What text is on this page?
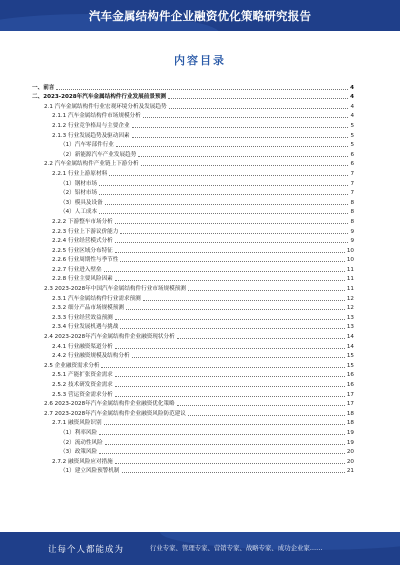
汽车金属结构件企业融资优化策略研究报告
内容目录
一、前言	4
二、2023-2028年汽车金属结构件行业发展前景预测	4
2.1 汽车金属结构件行业宏观环境分析及发展趋势	4
2.1.1 汽车金属结构件市场规模分析	4
2.1.2 行业竞争格局与主要企业	5
2.1.3 行业发展趋势及驱动因素	5
（1）汽车零部件行业	5
（2）新能源汽车产业发展趋势	6
2.2 汽车金属结构件产业链上下游分析	6
2.2.1 行业上游原材料	7
（1）钢材市场	7
（2）铝材市场	7
（3）模具及设备	8
（4）人工成本	8
2.2.2 下游整车市场分析	8
2.2.3 行业上下游议价能力	9
2.2.4 行业经营模式分析	9
2.2.5 行业区域分布特征	10
2.2.6 行业周期性与季节性	10
2.2.7 行业进入壁垒	11
2.2.8 行业主要风险因素	11
2.3 2023-2028年中国汽车金属结构件行业市场规模预测	11
2.3.1 汽车金属结构件行业需求预测	12
2.3.2 细分产品市场规模预测	12
2.3.3 行业经营效益预测	13
2.3.4 行业发展机遇与挑战	13
2.4 2023-2028年汽车金属结构件企业融资现状分析	14
2.4.1 行业融资渠道分析	14
2.4.2 行业融资规模及结构分析	15
2.5 企业融资需求分析	15
2.5.1 产能扩张资金需求	16
2.5.2 技术研发资金需求	16
2.5.3 营运资金需求分析	17
2.6 2023-2028年汽车金属结构件企业融资优化策略	17
2.7 2023-2028年汽车金属结构件企业融资风险防范建议	18
2.7.1 融资风险识别	18
（1）利率风险	19
（2）流动性风险	19
（3）政策风险	20
2.7.2 融资风险应对措施	20
（1）建立风险预警机制	21
让每个人都能成为	行业专家、管理专家、营销专家、战略专家、成功企业家……
